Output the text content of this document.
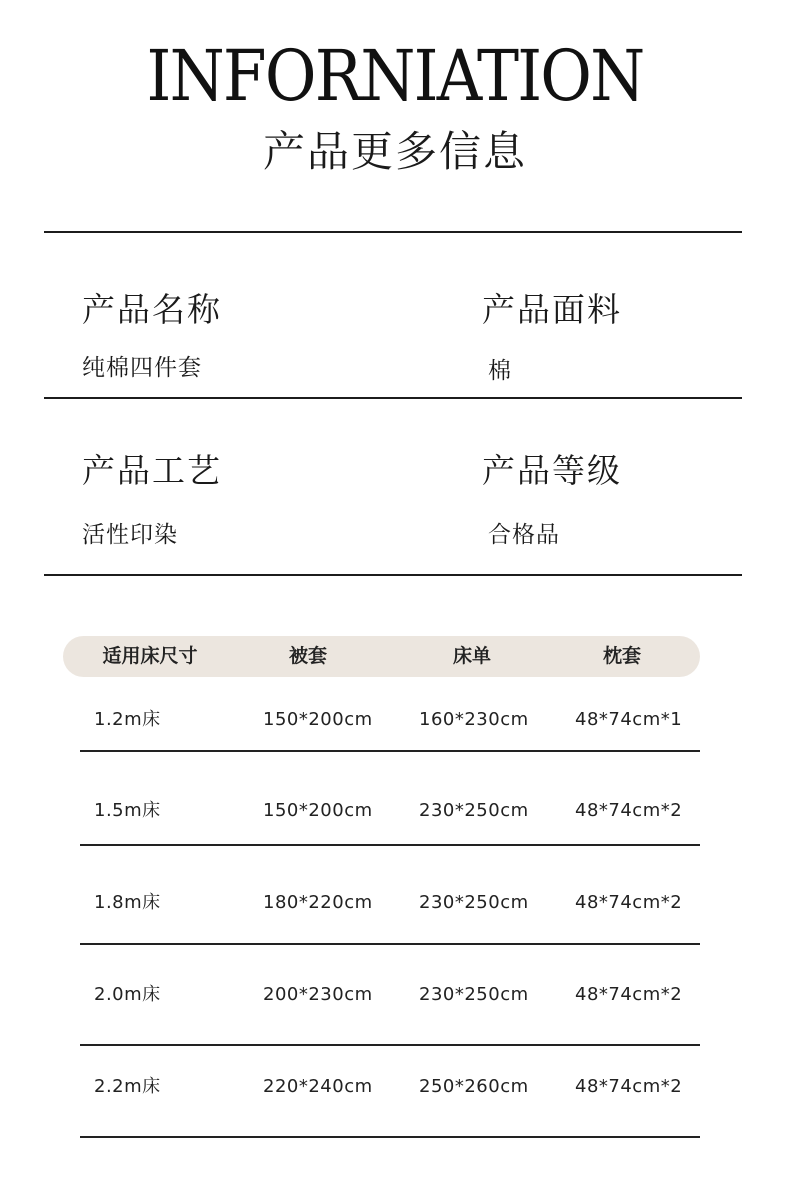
INFORNIATION
产品更多信息
产品名称
纯棉四件套
产品面料
棉
产品工艺
活性印染
产品等级
合格品
适用床尺寸	被套	床单	枕套
1.2m床	150*200cm	160*230cm	48*74cm*1
1.5m床	150*200cm	230*250cm	48*74cm*2
1.8m床	180*220cm	230*250cm	48*74cm*2
2.0m床	200*230cm	230*250cm	48*74cm*2
2.2m床	220*240cm	250*260cm	48*74cm*2
